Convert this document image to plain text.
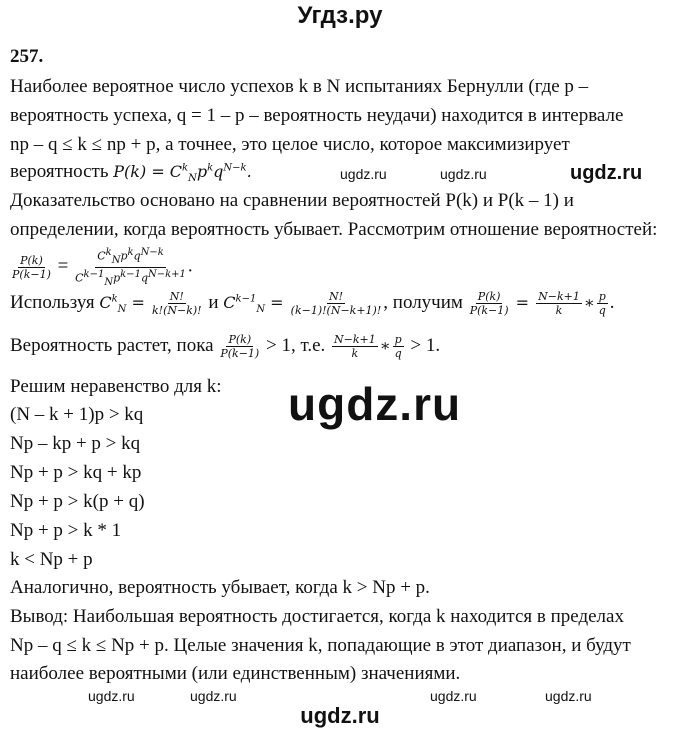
Угдз.ру
257.
Наиболее вероятное число успехов k в N испытаниях Бернулли (где p –
вероятность успеха, q = 1 – p – вероятность неудачи) находится в интервале
np – q ≤ k ≤ np + p, а точнее, это целое число, которое максимизирует
вероятность $P(k) = C^k_Np^kq^{N-k}$.
Доказательство основано на сравнении вероятностей P(k) и P(k – 1) и
определении, когда вероятность убывает. Рассмотрим отношение вероятностей:
$\frac{P(k)}{P(k-1)} = C^k_Np^kq^{N-k}$
$C^{k-1}_Np^{k-1}q^{N-k+1}$ .
Используя $C^k_N = \frac{N!}{k!(N-k)!}$ и $C^{k-1}_N = \frac{N!}{(k-1)!(N-k+1)!}$ , получим $\frac{P(k)}{P(k-1)} = \frac{N-k+1}{k}$ ∗ $\frac{p}{q}$ .
Вероятность растет, пока $\frac{P(k)}{P(k-1)} > 1$, т.е. $\frac{N-k+1}{k}$ ∗ $\frac{p}{q} > 1$.
Решим неравенство для k:
(N – k + 1)p > kq
Np – kp + p > kq
Np + p > kq + kp
Np + p > k(p + q)
Np + p > k * 1
k < Np + p
Аналогично, вероятность убывает, когда k > Np + p.
Вывод: Наибольшая вероятность достигается, когда k находится в пределах
Np – q ≤ k ≤ Np + p. Целые значения k, попадающие в этот диапазон, и будут
наиболее вероятными (или единственным) значениями.
ugdz.ru	ugdz.ru	ugdz.ru
ugdz.ru
ugdz.ru	ugdz.ru	ugdz.ru	ugdz.ru
ugdz.ru
